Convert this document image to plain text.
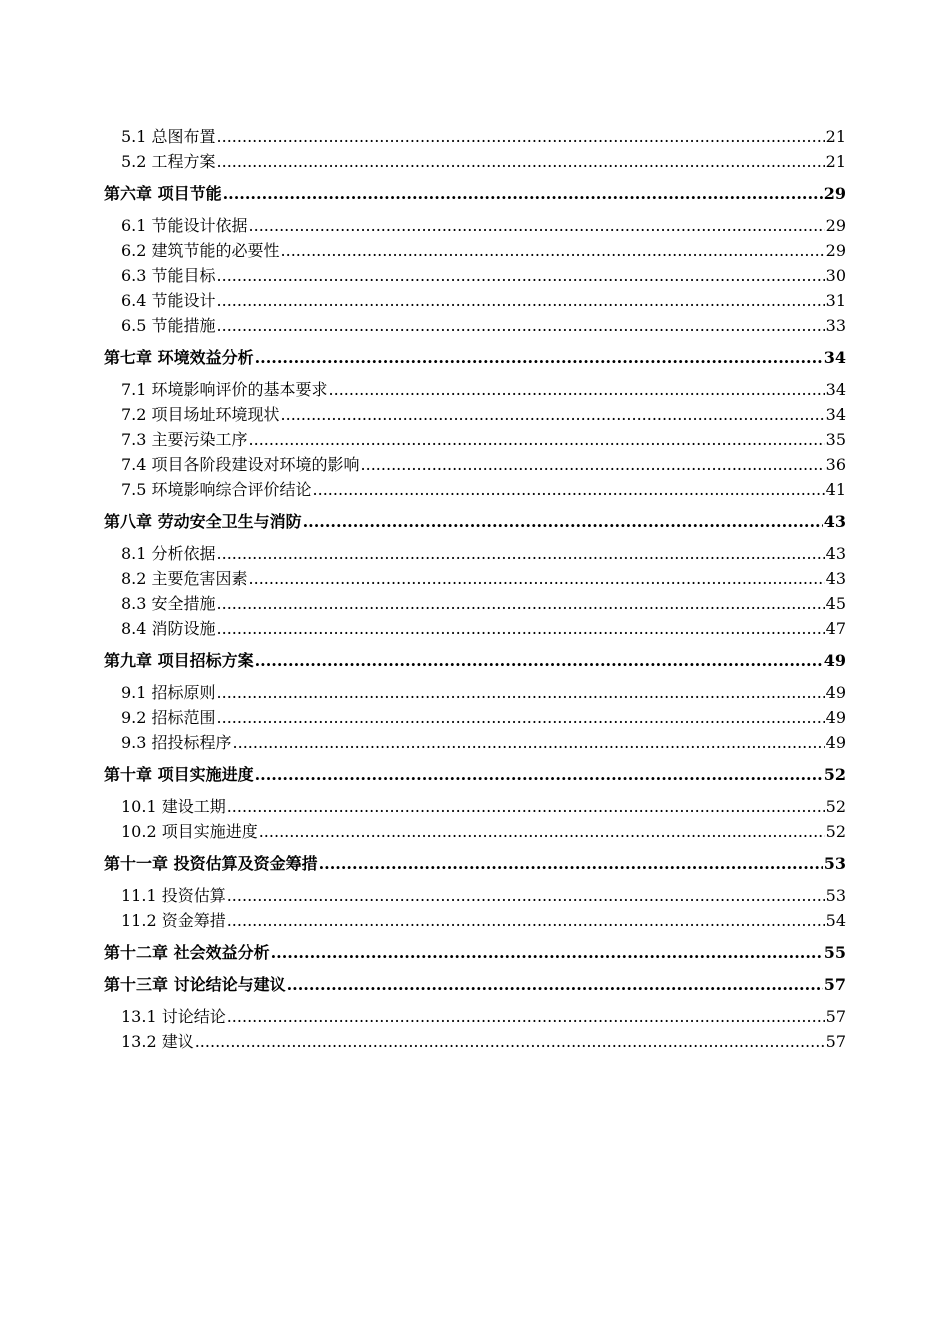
5.1 总图布置 .....	21
5.2 工程方案 .....	21
第六章 项目节能 .....	29
6.1 节能设计依据 .....	29
6.2 建筑节能的必要性 .....	29
6.3 节能目标 .....	30
6.4 节能设计 .....	31
6.5 节能措施 .....	33
第七章 环境效益分析 .....	34
7.1 环境影响评价的基本要求 .....	34
7.2 项目场址环境现状 .....	34
7.3 主要污染工序 .....	35
7.4 项目各阶段建设对环境的影响 .....	36
7.5 环境影响综合评价结论 .....	41
第八章 劳动安全卫生与消防 .....	43
8.1 分析依据 .....	43
8.2 主要危害因素 .....	43
8.3 安全措施 .....	45
8.4 消防设施 .....	47
第九章 项目招标方案 .....	49
9.1 招标原则 .....	49
9.2 招标范围 .....	49
9.3 招投标程序 .....	49
第十章 项目实施进度 .....	52
10.1 建设工期 .....	52
10.2 项目实施进度 .....	52
第十一章 投资估算及资金筹措 .....	53
11.1 投资估算 .....	53
11.2 资金筹措 .....	54
第十二章 社会效益分析 .....	55
第十三章 讨论结论与建议 .....	57
13.1 讨论结论 .....	57
13.2 建议 .....	57
